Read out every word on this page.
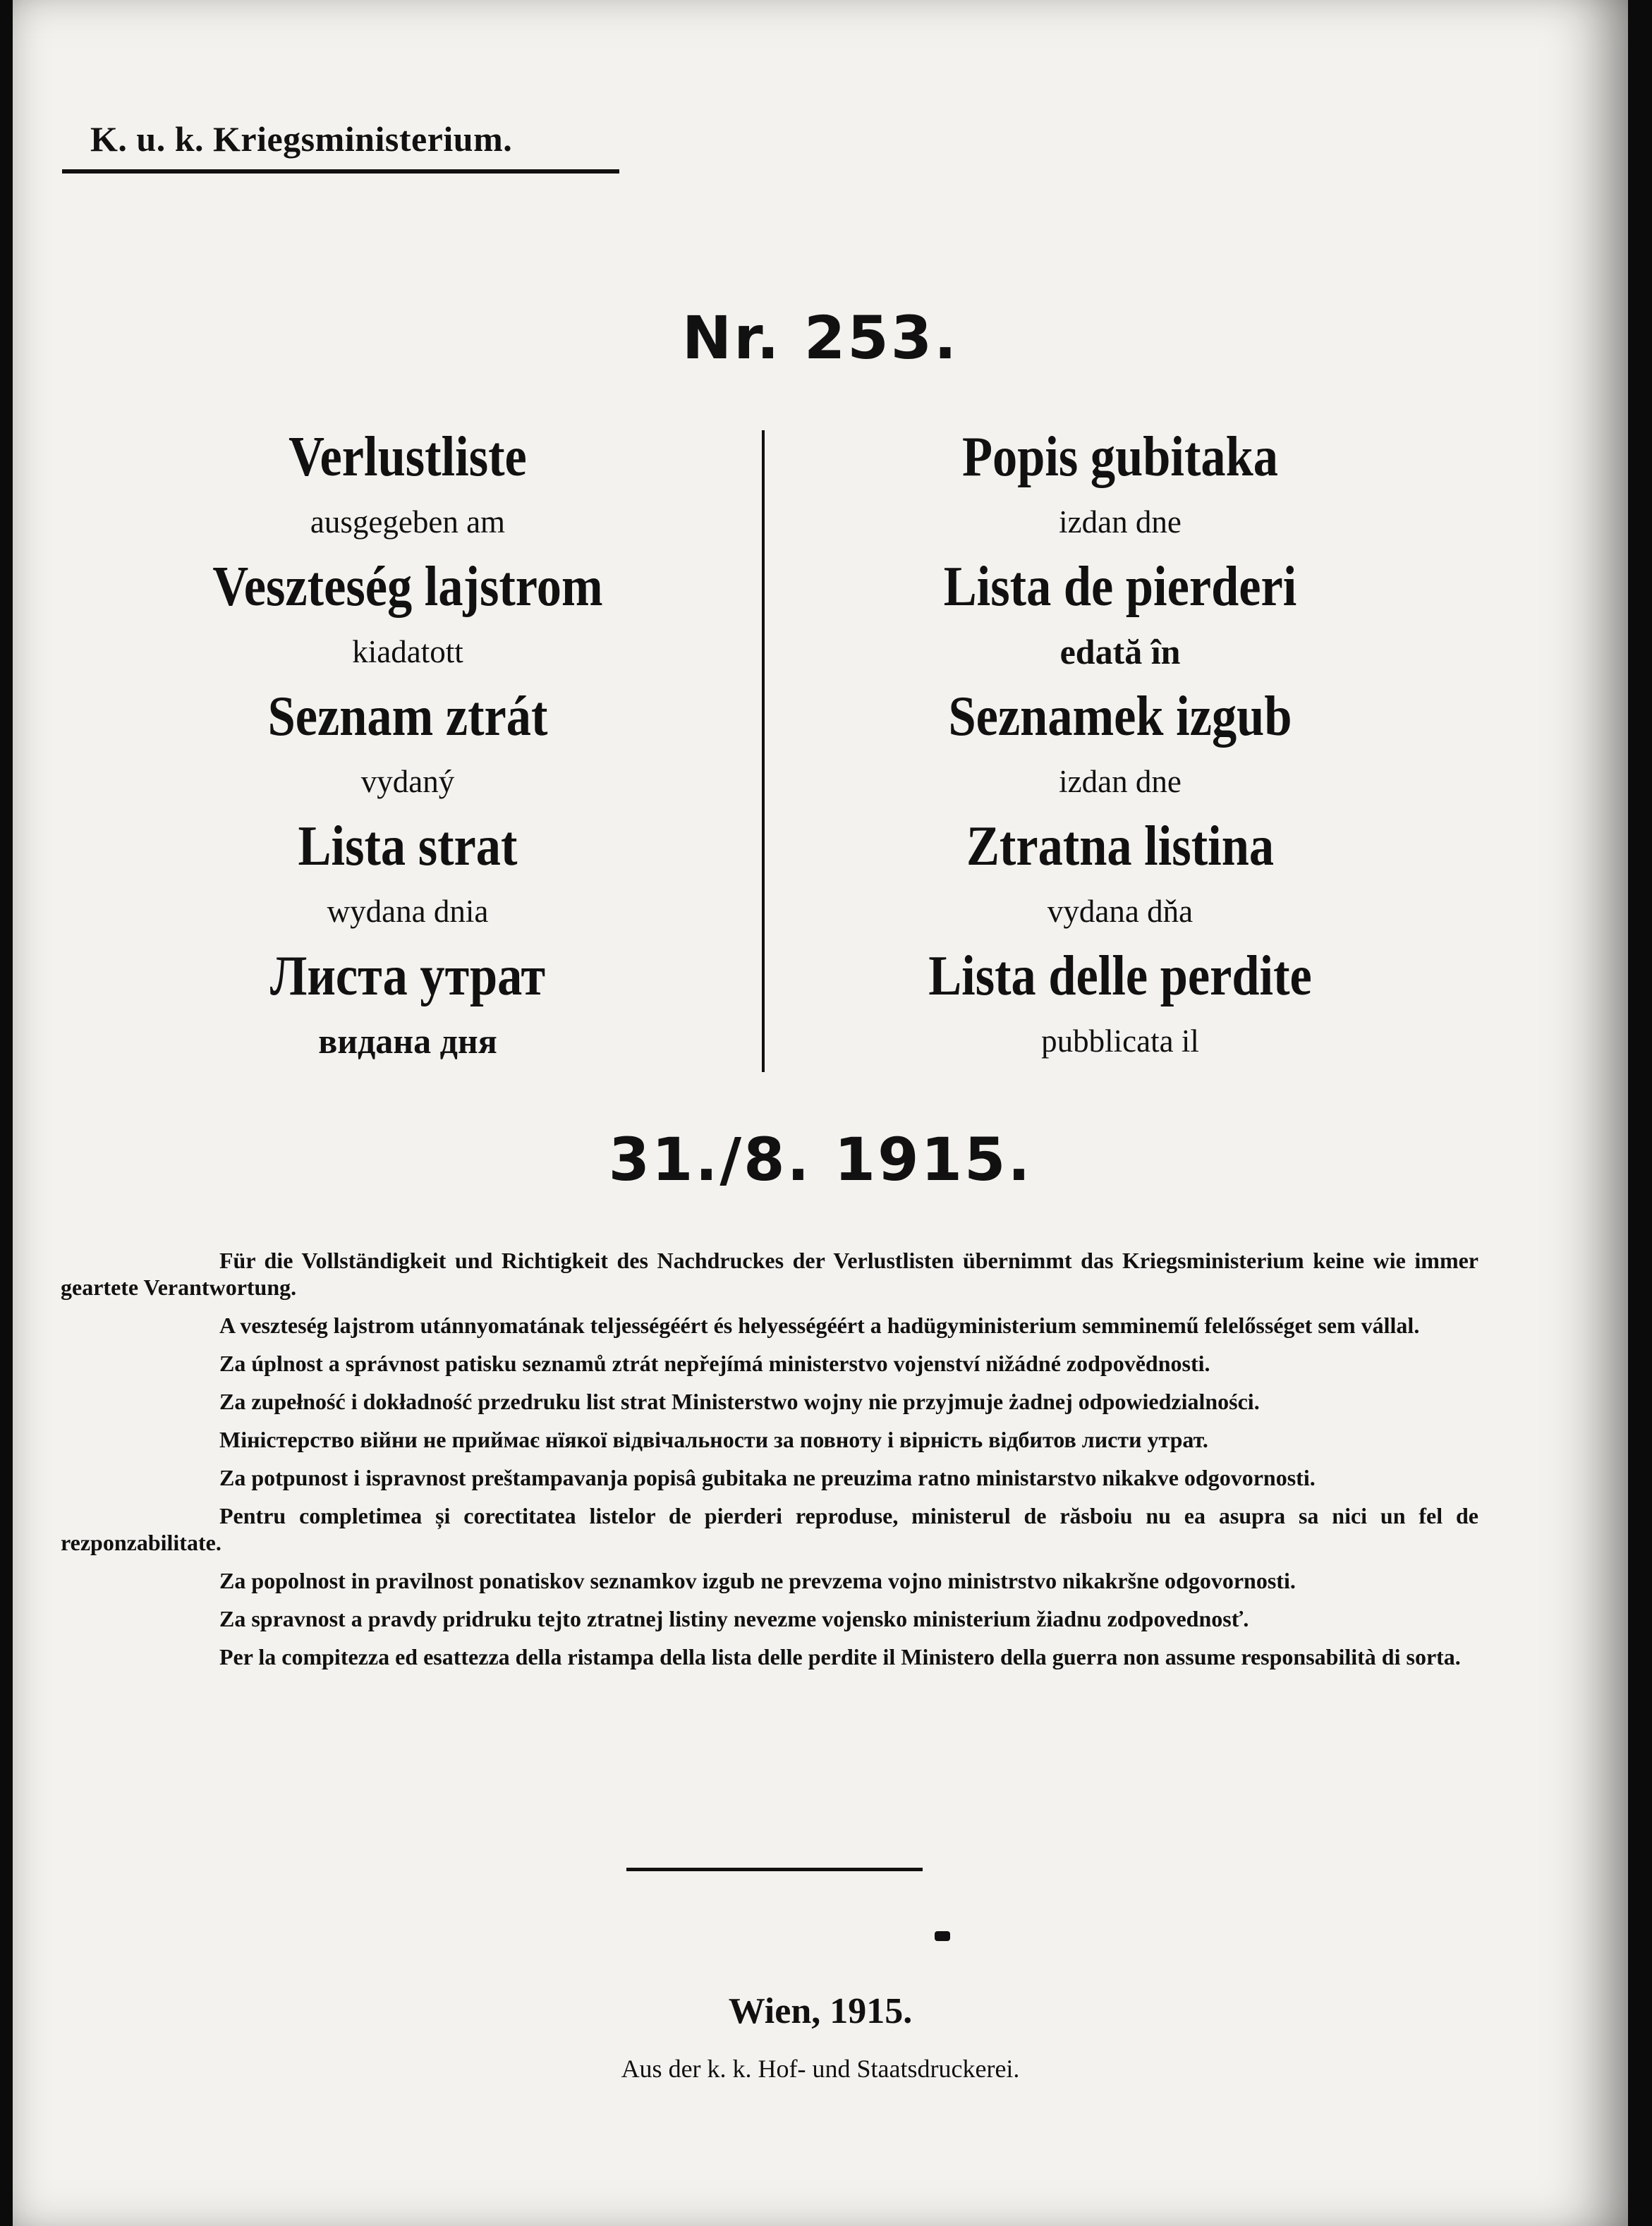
K. u. k. Kriegsministerium.
Nr. 253.
Verlustliste
ausgegeben am
Veszteség lajstrom
kiadatott
Seznam ztrát
vydaný
Lista strat
wydana dnia
Листа утрат
видана дня
Popis gubitaka
izdan dne
Lista de pierderi
edată în
Seznamek izgub
izdan dne
Ztratna listina
vydana dňa
Lista delle perdite
pubblicata il
31./8. 1915.

Für die Vollständigkeit und Richtigkeit des Nachdruckes der Verlustlisten übernimmt das Kriegsministerium keine wie immer geartete Verantwortung.

A veszteség lajstrom utánnyomatának teljességéért és helyességéért a hadügyministerium semminemű felelősséget sem vállal.

Za úplnost a správnost patisku seznamů ztrát nepřejímá ministerstvo vojenství nižádné zodpovědnosti.

Za zupełność i dokładność przedruku list strat Ministerstwo wojny nie przyjmuje żadnej odpowiedzialności.

Міністерство війни не приймає нїякої відвічальности за повноту і вірність відбитов листи утрат.

Za potpunost i ispravnost preštampavanja popisâ gubitaka ne preuzima ratno ministarstvo nikakve odgovornosti.

Pentru completimea și corectitatea listelor de pierderi reproduse, ministerul de răsboiu nu ea asupra sa nici un fel de rezponzabilitate.

Za popolnost in pravilnost ponatiskov seznamkov izgub ne prevzema vojno ministrstvo nikakršne odgovornosti.

Za spravnost a pravdy pridruku tejto ztratnej listiny nevezme vojensko ministerium žiadnu zodpovednosť.

Per la compitezza ed esattezza della ristampa della lista delle perdite il Ministero della guerra non assume responsabilità di sorta.

Wien, 1915.
Aus der k. k. Hof- und Staatsdruckerei.
